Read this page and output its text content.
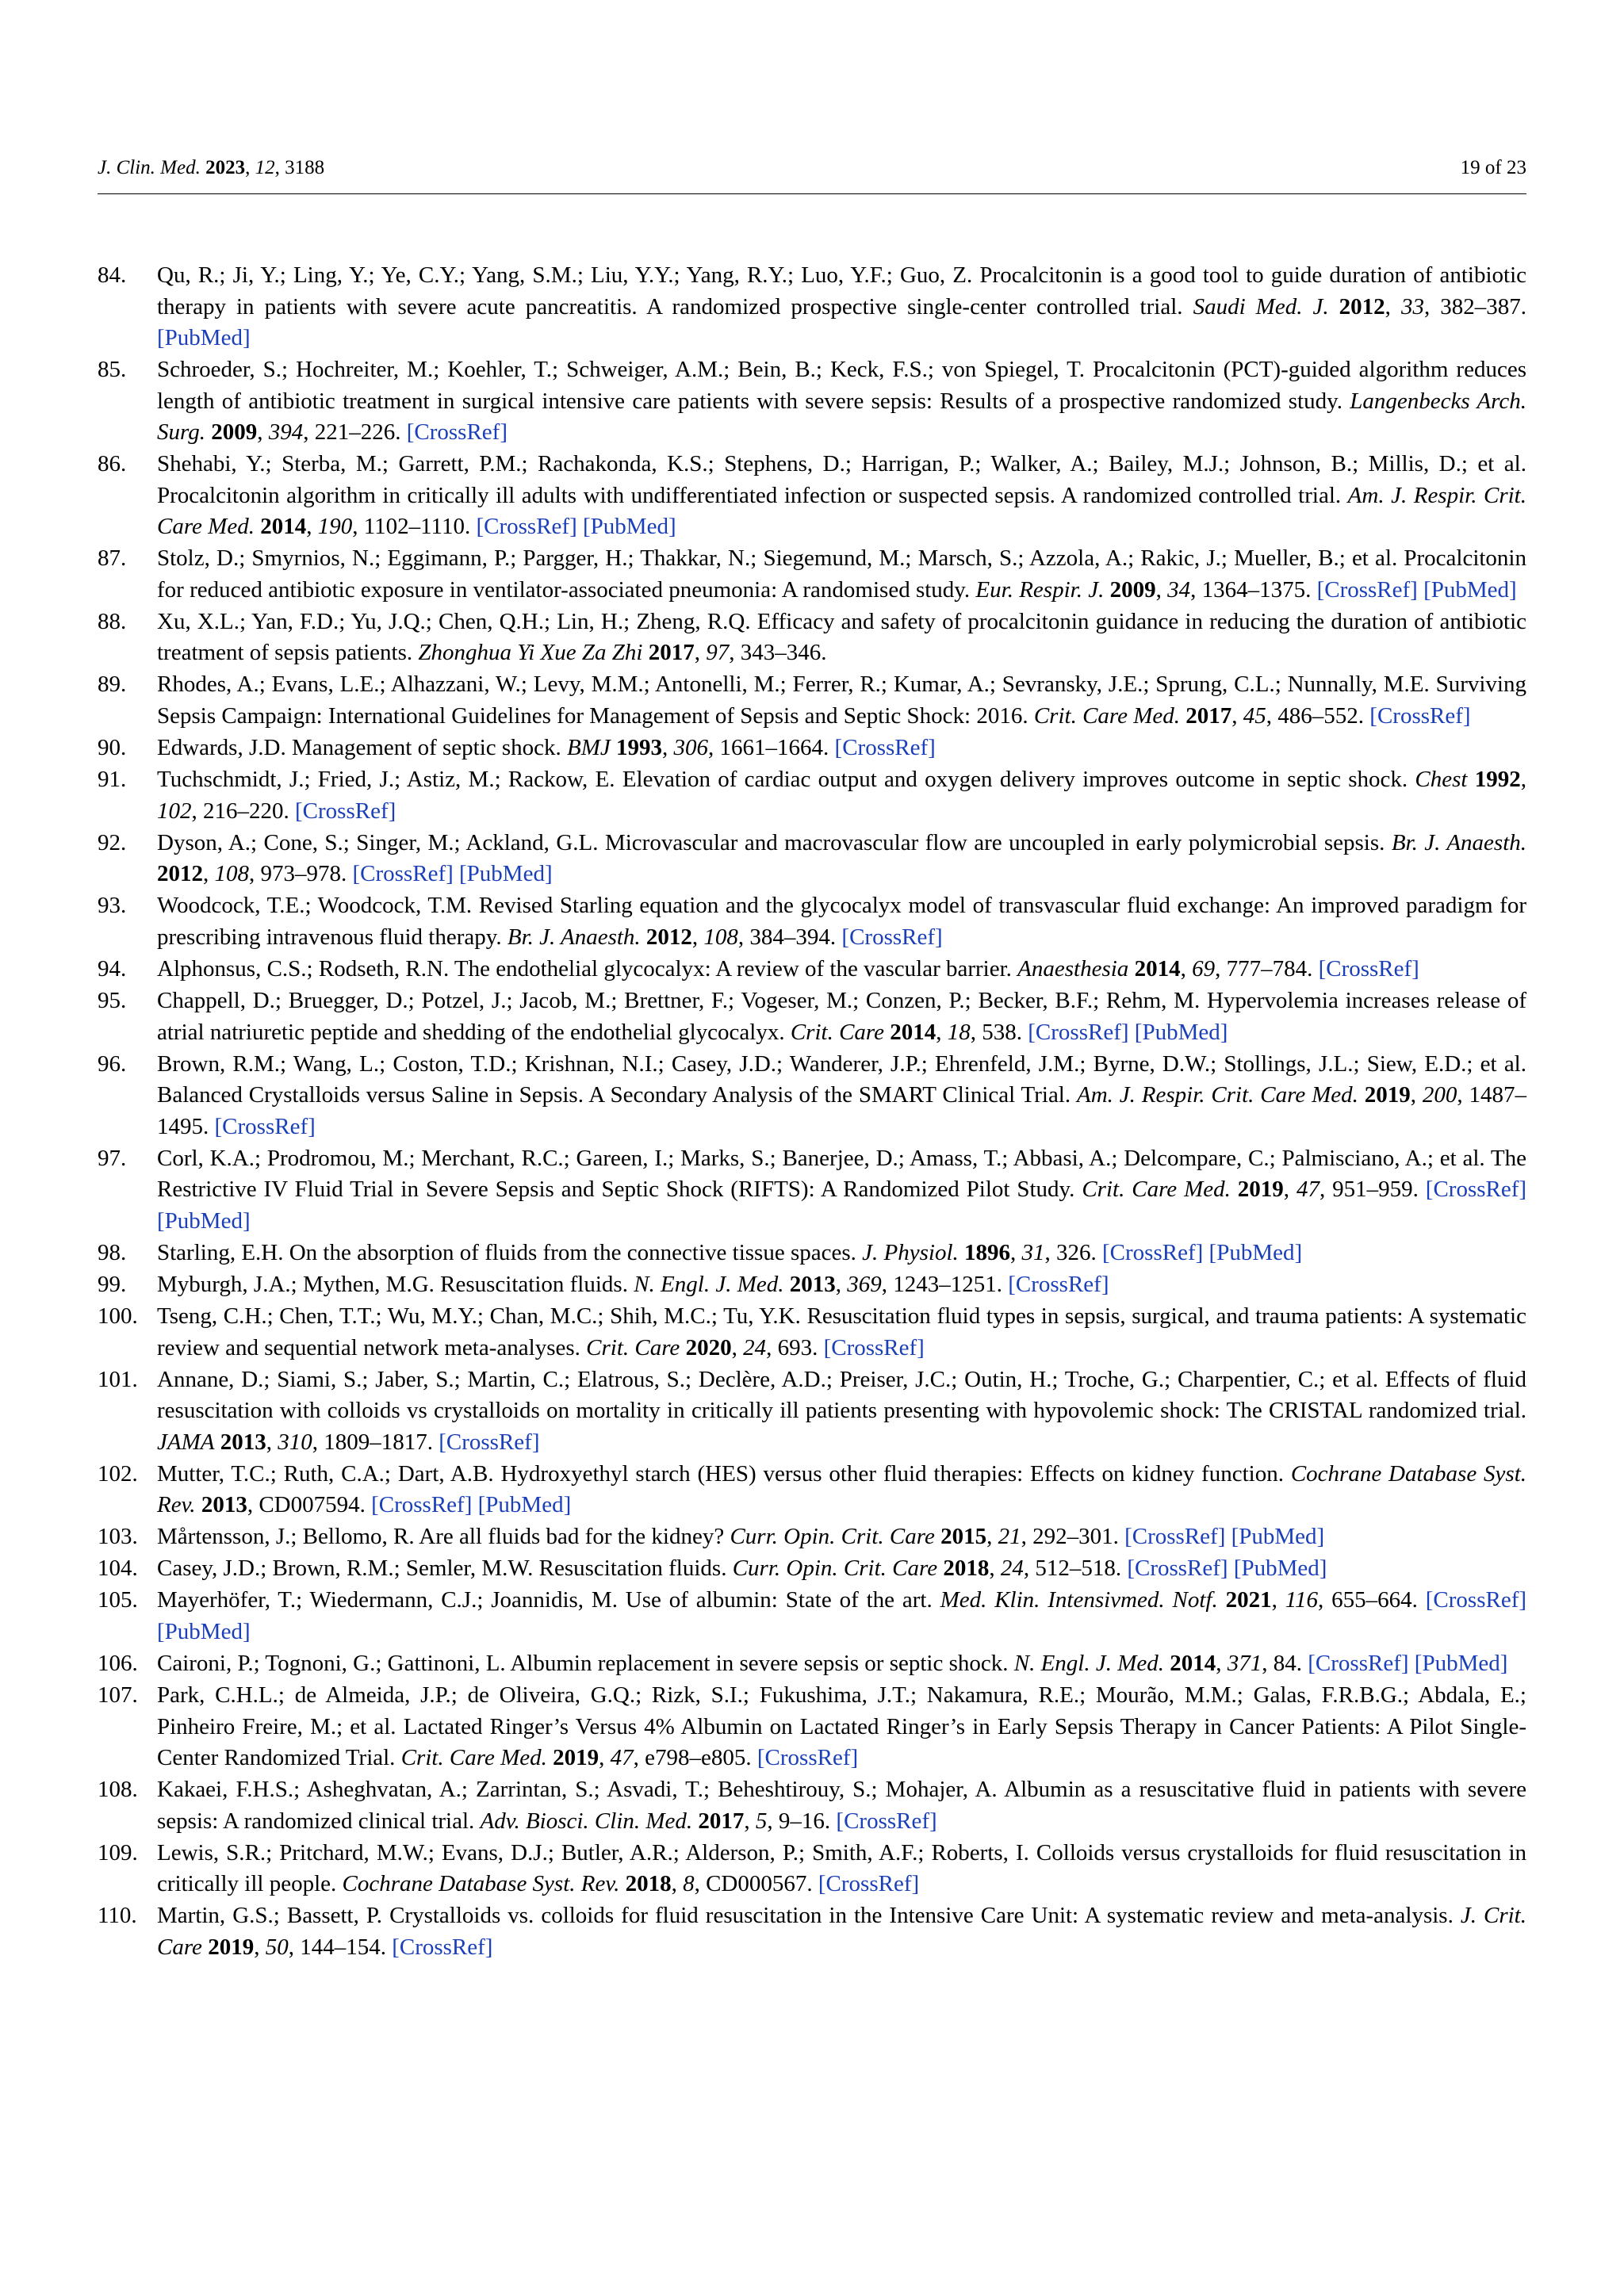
J. Clin. Med. 2023, 12, 3188	19 of 23
84. Qu, R.; Ji, Y.; Ling, Y.; Ye, C.Y.; Yang, S.M.; Liu, Y.Y.; Yang, R.Y.; Luo, Y.F.; Guo, Z. Procalcitonin is a good tool to guide duration of antibiotic therapy in patients with severe acute pancreatitis. A randomized prospective single-center controlled trial. Saudi Med. J. 2012, 33, 382–387. [PubMed]
85. Schroeder, S.; Hochreiter, M.; Koehler, T.; Schweiger, A.M.; Bein, B.; Keck, F.S.; von Spiegel, T. Procalcitonin (PCT)-guided algorithm reduces length of antibiotic treatment in surgical intensive care patients with severe sepsis: Results of a prospective randomized study. Langenbecks Arch. Surg. 2009, 394, 221–226. [CrossRef]
86. Shehabi, Y.; Sterba, M.; Garrett, P.M.; Rachakonda, K.S.; Stephens, D.; Harrigan, P.; Walker, A.; Bailey, M.J.; Johnson, B.; Millis, D.; et al. Procalcitonin algorithm in critically ill adults with undifferentiated infection or suspected sepsis. A randomized controlled trial. Am. J. Respir. Crit. Care Med. 2014, 190, 1102–1110. [CrossRef] [PubMed]
87. Stolz, D.; Smyrnios, N.; Eggimann, P.; Pargger, H.; Thakkar, N.; Siegemund, M.; Marsch, S.; Azzola, A.; Rakic, J.; Mueller, B.; et al. Procalcitonin for reduced antibiotic exposure in ventilator-associated pneumonia: A randomised study. Eur. Respir. J. 2009, 34, 1364–1375. [CrossRef] [PubMed]
88. Xu, X.L.; Yan, F.D.; Yu, J.Q.; Chen, Q.H.; Lin, H.; Zheng, R.Q. Efficacy and safety of procalcitonin guidance in reducing the duration of antibiotic treatment of sepsis patients. Zhonghua Yi Xue Za Zhi 2017, 97, 343–346.
89. Rhodes, A.; Evans, L.E.; Alhazzani, W.; Levy, M.M.; Antonelli, M.; Ferrer, R.; Kumar, A.; Sevransky, J.E.; Sprung, C.L.; Nunnally, M.E. Surviving Sepsis Campaign: International Guidelines for Management of Sepsis and Septic Shock: 2016. Crit. Care Med. 2017, 45, 486–552. [CrossRef]
90. Edwards, J.D. Management of septic shock. BMJ 1993, 306, 1661–1664. [CrossRef]
91. Tuchschmidt, J.; Fried, J.; Astiz, M.; Rackow, E. Elevation of cardiac output and oxygen delivery improves outcome in septic shock. Chest 1992, 102, 216–220. [CrossRef]
92. Dyson, A.; Cone, S.; Singer, M.; Ackland, G.L. Microvascular and macrovascular flow are uncoupled in early polymicrobial sepsis. Br. J. Anaesth. 2012, 108, 973–978. [CrossRef] [PubMed]
93. Woodcock, T.E.; Woodcock, T.M. Revised Starling equation and the glycocalyx model of transvascular fluid exchange: An improved paradigm for prescribing intravenous fluid therapy. Br. J. Anaesth. 2012, 108, 384–394. [CrossRef]
94. Alphonsus, C.S.; Rodseth, R.N. The endothelial glycocalyx: A review of the vascular barrier. Anaesthesia 2014, 69, 777–784. [CrossRef]
95. Chappell, D.; Bruegger, D.; Potzel, J.; Jacob, M.; Brettner, F.; Vogeser, M.; Conzen, P.; Becker, B.F.; Rehm, M. Hypervolemia increases release of atrial natriuretic peptide and shedding of the endothelial glycocalyx. Crit. Care 2014, 18, 538. [CrossRef] [PubMed]
96. Brown, R.M.; Wang, L.; Coston, T.D.; Krishnan, N.I.; Casey, J.D.; Wanderer, J.P.; Ehrenfeld, J.M.; Byrne, D.W.; Stollings, J.L.; Siew, E.D.; et al. Balanced Crystalloids versus Saline in Sepsis. A Secondary Analysis of the SMART Clinical Trial. Am. J. Respir. Crit. Care Med. 2019, 200, 1487–1495. [CrossRef]
97. Corl, K.A.; Prodromou, M.; Merchant, R.C.; Gareen, I.; Marks, S.; Banerjee, D.; Amass, T.; Abbasi, A.; Delcompare, C.; Palmisciano, A.; et al. The Restrictive IV Fluid Trial in Severe Sepsis and Septic Shock (RIFTS): A Randomized Pilot Study. Crit. Care Med. 2019, 47, 951–959. [CrossRef] [PubMed]
98. Starling, E.H. On the absorption of fluids from the connective tissue spaces. J. Physiol. 1896, 31, 326. [CrossRef] [PubMed]
99. Myburgh, J.A.; Mythen, M.G. Resuscitation fluids. N. Engl. J. Med. 2013, 369, 1243–1251. [CrossRef]
100. Tseng, C.H.; Chen, T.T.; Wu, M.Y.; Chan, M.C.; Shih, M.C.; Tu, Y.K. Resuscitation fluid types in sepsis, surgical, and trauma patients: A systematic review and sequential network meta-analyses. Crit. Care 2020, 24, 693. [CrossRef]
101. Annane, D.; Siami, S.; Jaber, S.; Martin, C.; Elatrous, S.; Declère, A.D.; Preiser, J.C.; Outin, H.; Troche, G.; Charpentier, C.; et al. Effects of fluid resuscitation with colloids vs crystalloids on mortality in critically ill patients presenting with hypovolemic shock: The CRISTAL randomized trial. JAMA 2013, 310, 1809–1817. [CrossRef]
102. Mutter, T.C.; Ruth, C.A.; Dart, A.B. Hydroxyethyl starch (HES) versus other fluid therapies: Effects on kidney function. Cochrane Database Syst. Rev. 2013, CD007594. [CrossRef] [PubMed]
103. Mårtensson, J.; Bellomo, R. Are all fluids bad for the kidney? Curr. Opin. Crit. Care 2015, 21, 292–301. [CrossRef] [PubMed]
104. Casey, J.D.; Brown, R.M.; Semler, M.W. Resuscitation fluids. Curr. Opin. Crit. Care 2018, 24, 512–518. [CrossRef] [PubMed]
105. Mayerhöfer, T.; Wiedermann, C.J.; Joannidis, M. Use of albumin: State of the art. Med. Klin. Intensivmed. Notf. 2021, 116, 655–664. [CrossRef] [PubMed]
106. Caironi, P.; Tognoni, G.; Gattinoni, L. Albumin replacement in severe sepsis or septic shock. N. Engl. J. Med. 2014, 371, 84. [CrossRef] [PubMed]
107. Park, C.H.L.; de Almeida, J.P.; de Oliveira, G.Q.; Rizk, S.I.; Fukushima, J.T.; Nakamura, R.E.; Mourão, M.M.; Galas, F.R.B.G.; Abdala, E.; Pinheiro Freire, M.; et al. Lactated Ringer’s Versus 4% Albumin on Lactated Ringer’s in Early Sepsis Therapy in Cancer Patients: A Pilot Single-Center Randomized Trial. Crit. Care Med. 2019, 47, e798–e805. [CrossRef]
108. Kakaei, F.H.S.; Asheghvatan, A.; Zarrintan, S.; Asvadi, T.; Beheshtirouy, S.; Mohajer, A. Albumin as a resuscitative fluid in patients with severe sepsis: A randomized clinical trial. Adv. Biosci. Clin. Med. 2017, 5, 9–16. [CrossRef]
109. Lewis, S.R.; Pritchard, M.W.; Evans, D.J.; Butler, A.R.; Alderson, P.; Smith, A.F.; Roberts, I. Colloids versus crystalloids for fluid resuscitation in critically ill people. Cochrane Database Syst. Rev. 2018, 8, CD000567. [CrossRef]
110. Martin, G.S.; Bassett, P. Crystalloids vs. colloids for fluid resuscitation in the Intensive Care Unit: A systematic review and meta-analysis. J. Crit. Care 2019, 50, 144–154. [CrossRef]
